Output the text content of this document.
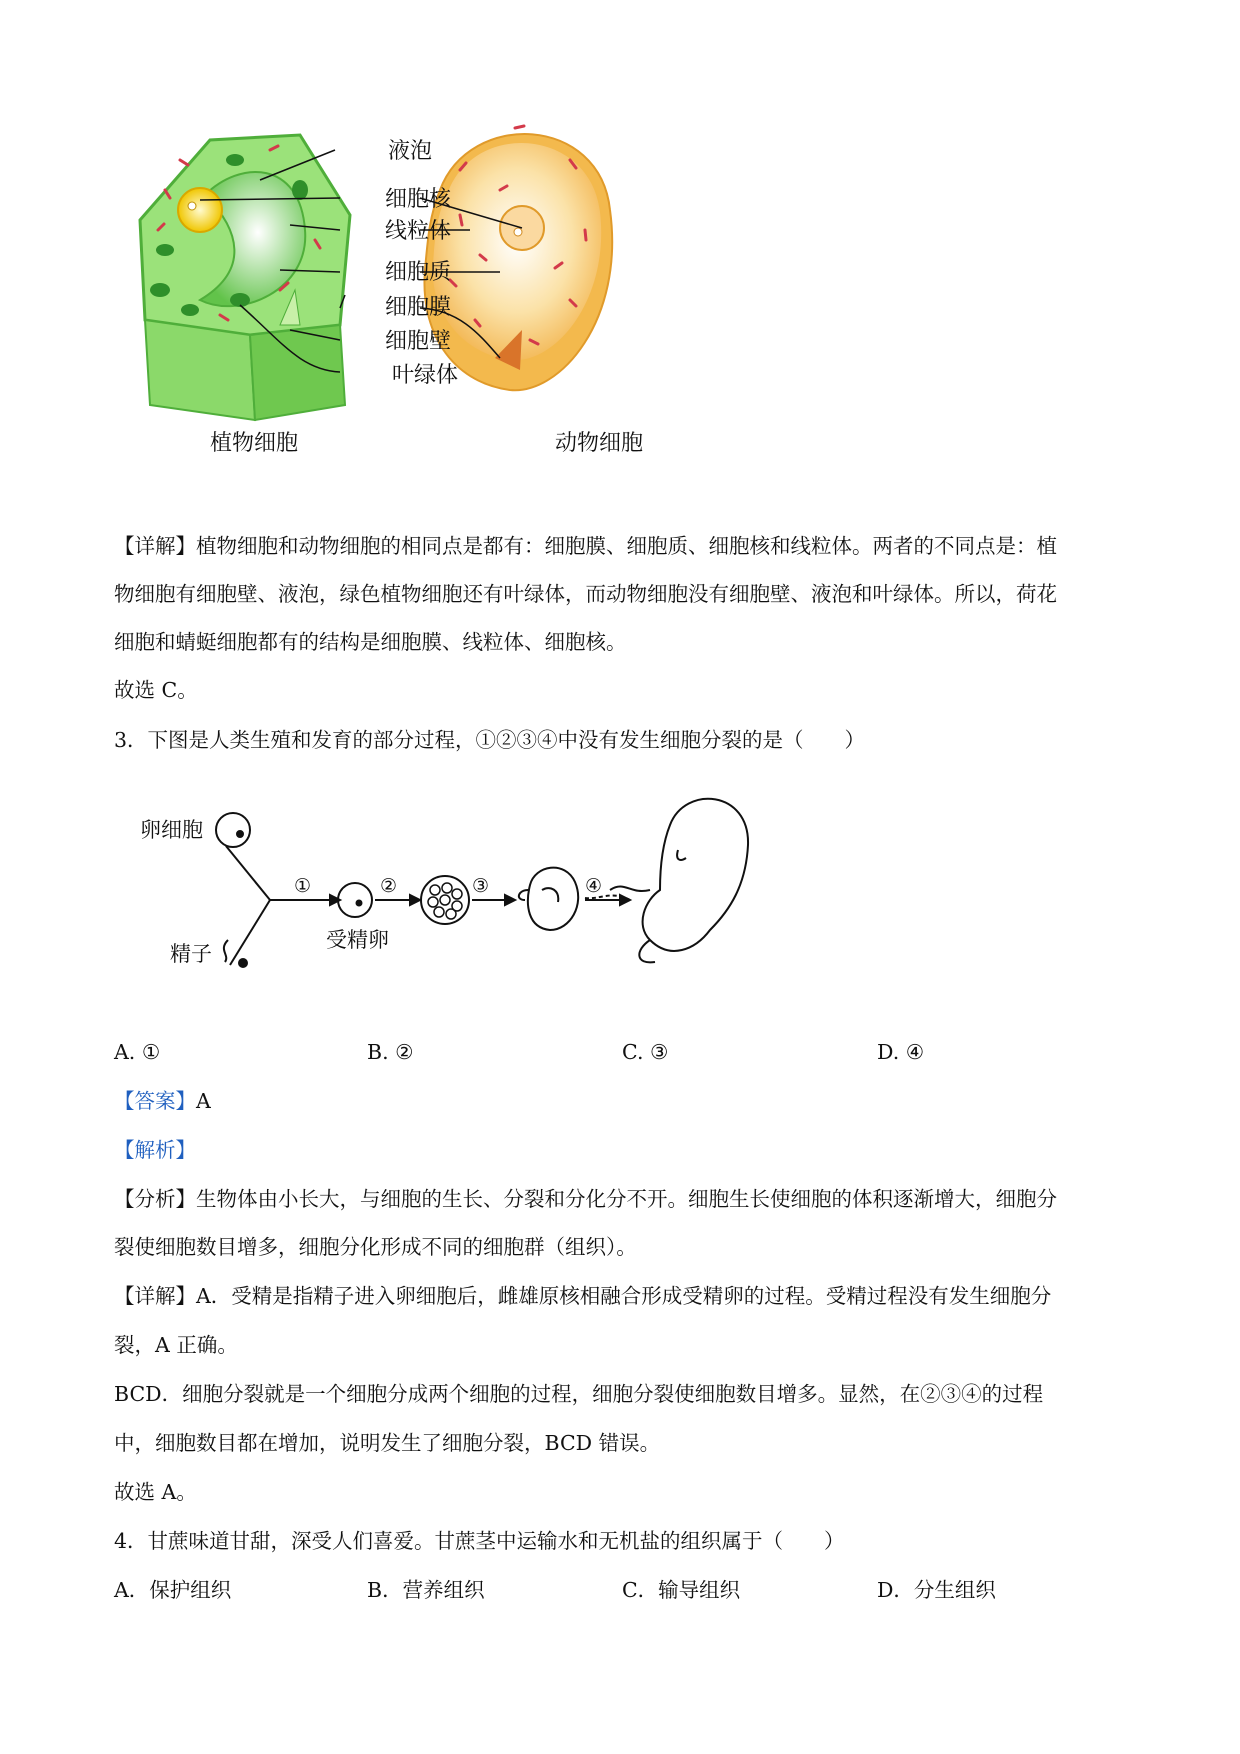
液泡
细胞核
线粒体
细胞质
细胞膜
细胞壁
叶绿体
植物细胞	动物细胞
【详解】植物细胞和动物细胞的相同点是都有：细胞膜、细胞质、细胞核和线粒体。两者的不同点是：植
物细胞有细胞壁、液泡，绿色植物细胞还有叶绿体，而动物细胞没有细胞壁、液泡和叶绿体。所以，荷花
细胞和蜻蜓细胞都有的结构是细胞膜、线粒体、细胞核。
故选 C。
3．下图是人类生殖和发育的部分过程，①②③④中没有发生细胞分裂的是（　　）
卵细胞
精子
受精卵
①	②	③	④
A. ①	B. ②	C. ③	D. ④
【答案】A
【解析】
【分析】生物体由小长大，与细胞的生长、分裂和分化分不开。细胞生长使细胞的体积逐渐增大，细胞分
裂使细胞数目增多，细胞分化形成不同的细胞群（组织）。
【详解】A．受精是指精子进入卵细胞后，雌雄原核相融合形成受精卵的过程。受精过程没有发生细胞分
裂，A 正确。
BCD．细胞分裂就是一个细胞分成两个细胞的过程，细胞分裂使细胞数目增多。显然，在②③④的过程
中，细胞数目都在增加，说明发生了细胞分裂，BCD 错误。
故选 A。
4．甘蔗味道甘甜，深受人们喜爱。甘蔗茎中运输水和无机盐的组织属于（　　）
A．保护组织	B．营养组织	C．输导组织	D．分生组织
